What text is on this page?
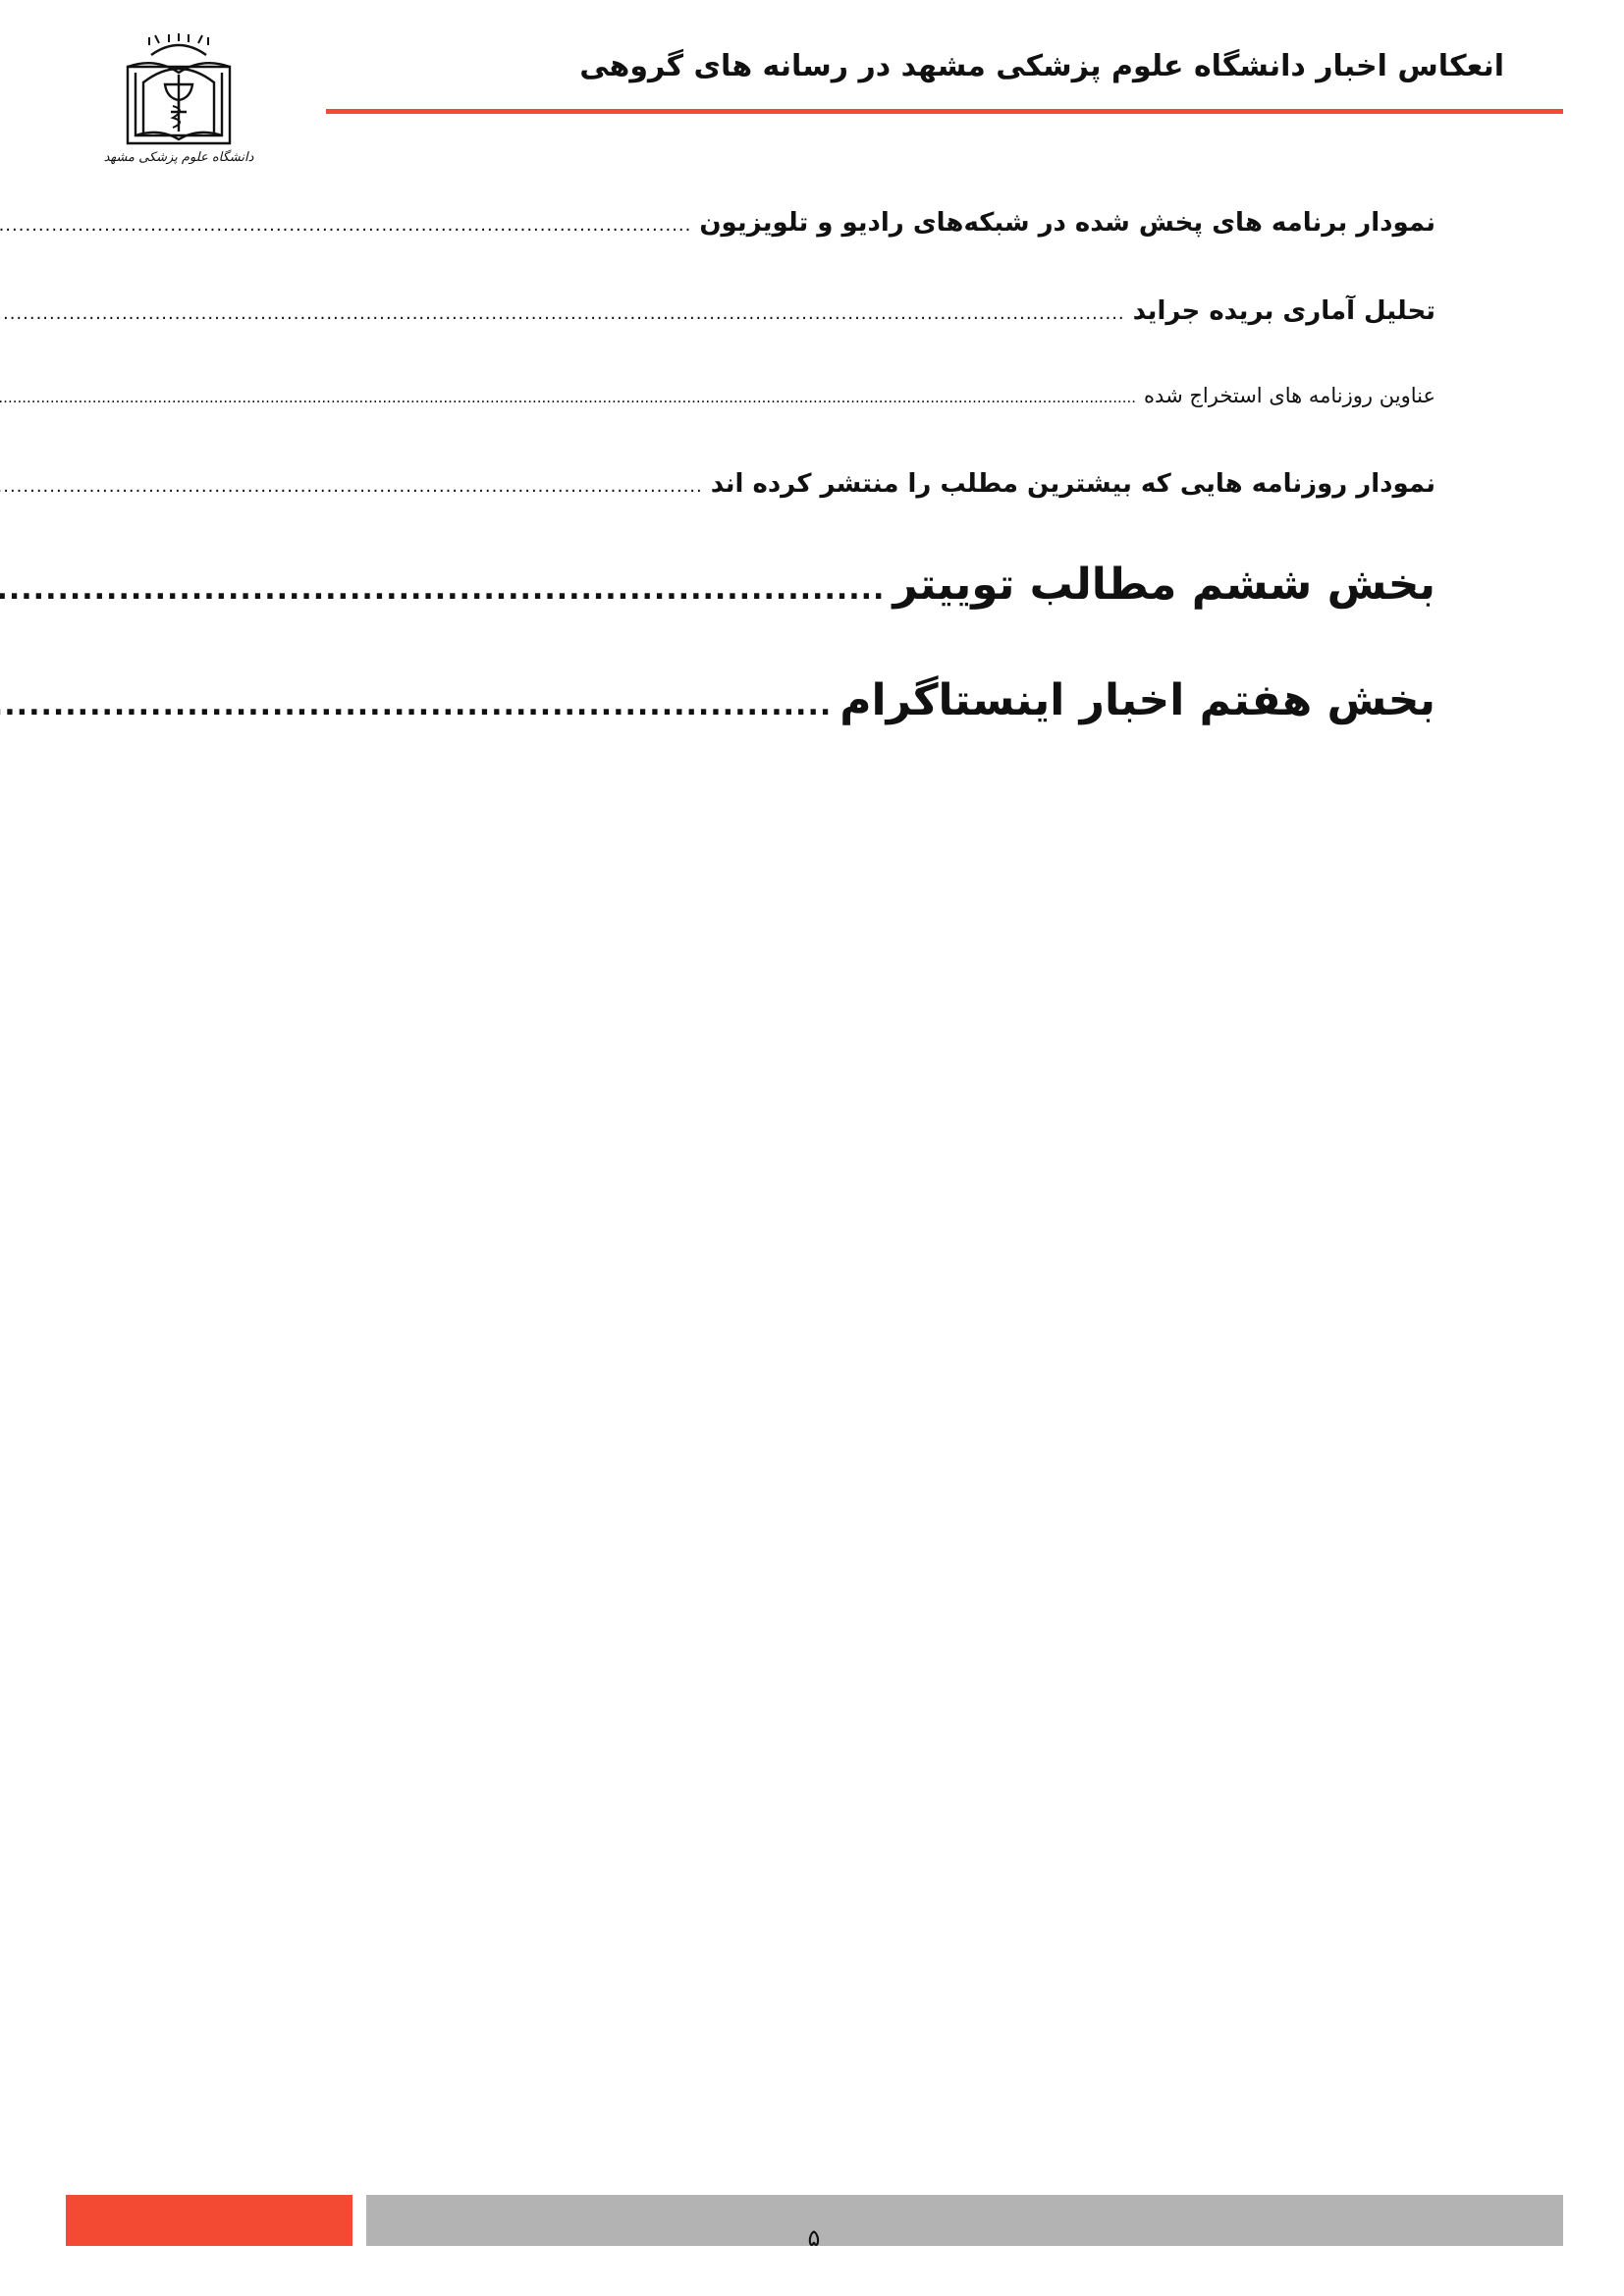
انعکاس اخبار دانشگاه علوم پزشکی مشهد در رسانه های گروهی
دانشگاه علوم پزشکی مشهد
نمودار برنامه های پخش شده در شبکه‌های رادیو و تلویزیون
.....
تحلیل آماری بریده جراید
.....
عناوین روزنامه های استخراج شده
.....
نمودار روزنامه هایی که بیشترین مطلب را منتشر کرده اند
.....
بخش ششم مطالب توییتر
.....
بخش هفتم اخبار اینستاگرام
.....
۵
